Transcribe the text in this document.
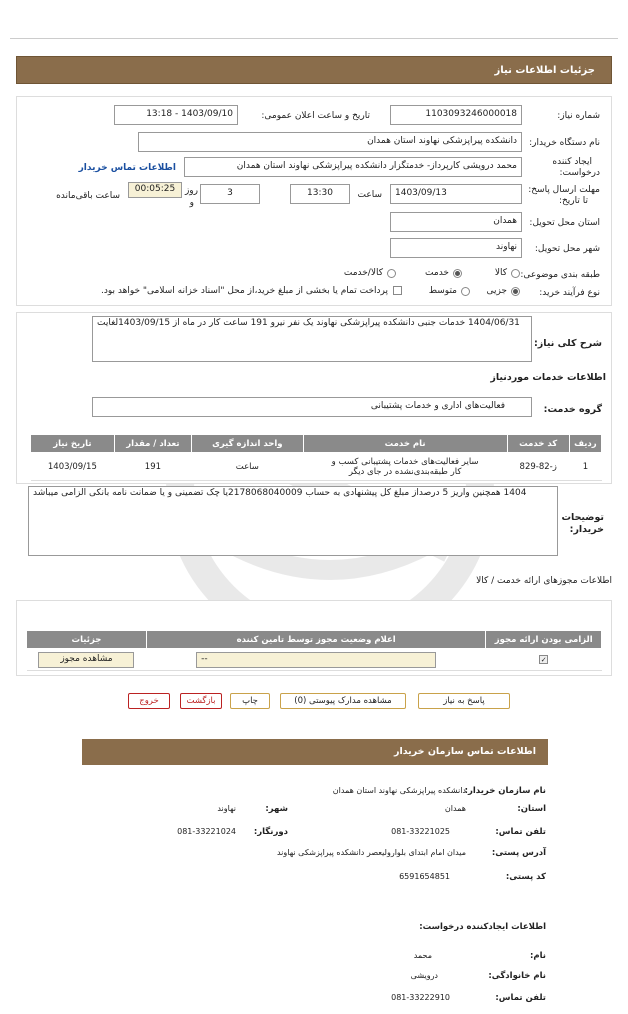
جزئیات اطلاعات نیاز
شماره نیاز:
1103093246000018
تاریخ و ساعت اعلان عمومی:
1403/09/10 - 13:18
نام دستگاه خریدار:
دانشکده پیراپزشکی نهاوند استان همدان
ایجاد کننده
درخواست:
محمد درویشی کارپرداز- خدمتگزار دانشکده پیراپزشکی نهاوند استان همدان
اطلاعات تماس خریدار
مهلت ارسال پاسخ:
تا تاریخ:
1403/09/13
ساعت
13:30
3
روز
و
00:05:25
ساعت باقی‌مانده
استان محل تحویل:
همدان
شهر محل تحویل:
نهاوند
طبقه بندی موضوعی:
کالا
خدمت
کالا/خدمت
نوع فرآیند خرید:
جزیی
متوسط
پرداخت تمام یا بخشی از مبلغ خرید،از محل "اسناد خزانه اسلامی" خواهد بود.
شرح کلی نیاز:
1404/06/31 خدمات جنبی دانشکده پیراپزشکی نهاوند یک نفر نیرو 191 ساعت کار در ماه از 1403/09/15لغایت
اطلاعات خدمات موردنیاز
گروه خدمت:
فعالیت‌های اداری و خدمات پشتیبانی
ردیف	کد خدمت	نام خدمت	واحد اندازه گیری	تعداد / مقدار	تاریخ نیاز
1	ز-82-829	سایر فعالیت‌های خدمات پشتیبانی کسب و
کار طبقه‌بندی‌نشده در جای دیگر	ساعت	191	1403/09/15
1404 همچنین واریز 5 درصداز مبلغ کل پیشنهادی به حساب 2178068040009یا چک تضمینی و یا ضمانت نامه بانکی الزامی میباشد
توضیحات
خریدار:
اطلاعات مجوزهای ارائه خدمت / کالا
الزامی بودن ارائه مجوز	اعلام وضعیت مجوز توسط تامین کننده	جزئیات
✓	--	مشاهده مجوز
پاسخ به نیاز
مشاهده مدارک پیوستی (0)
چاپ
بازگشت
خروج
اطلاعات تماس سازمان خریدار
نام سازمان خریدار:
دانشکده پیراپزشکی نهاوند استان همدان
استان:
همدان
شهر:
نهاوند
تلفن تماس:
081-33221025
دورنگار:
081-33221024
آدرس پستی:
میدان امام ابتدای بلوارولیعصر دانشکده پیراپزشکی نهاوند
کد پستی:
6591654851
اطلاعات ایجادکننده درخواست:
نام:
محمد
نام خانوادگی:
درویشی
تلفن تماس:
081-33222910
